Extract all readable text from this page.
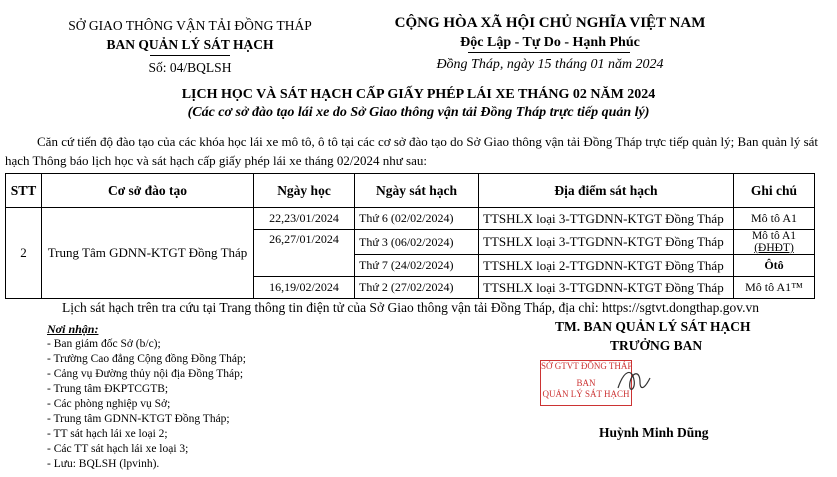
SỞ GIAO THÔNG VẬN TẢI ĐỒNG THÁP
BAN QUẢN LÝ SÁT HẠCH
Số: 04/BQLSH
CỘNG HÒA XÃ HỘI CHỦ NGHĨA VIỆT NAM
Độc Lập - Tự Do - Hạnh Phúc
Đồng Tháp, ngày 15 tháng 01 năm 2024
LỊCH HỌC VÀ SÁT HẠCH CẤP GIẤY PHÉP LÁI XE THÁNG 02 NĂM 2024
(Các cơ sở đào tạo lái xe do Sở Giao thông vận tải Đồng Tháp trực tiếp quản lý)
Căn cứ tiến độ đào tạo của các khóa học lái xe mô tô, ô tô tại các cơ sở đào tạo do Sở Giao thông vận tải Đồng Tháp trực tiếp quản lý; Ban quản lý sát hạch Thông báo lịch học và sát hạch cấp giấy phép lái xe tháng 02/2024 như sau:
STT	Cơ sở đào tạo	Ngày học	Ngày sát hạch	Địa điểm sát hạch	Ghi chú
2	Trung Tâm GDNN-KTGT Đồng Tháp	22,23/01/2024	Thứ 6 (02/02/2024)	TTSHLX loại 3-TTGDNN-KTGT Đồng Tháp	Mô tô A1
		26,27/01/2024	Thứ 3 (06/02/2024)	TTSHLX loại 3-TTGDNN-KTGT Đồng Tháp	Mô tô A1
(ĐHĐT)

			Thứ 7 (24/02/2024)	TTSHLX loại 2-TTGDNN-KTGT Đồng Tháp	Ôtô
		16,19/02/2024	Thứ 2 (27/02/2024)	TTSHLX loại 3-TTGDNN-KTGT Đồng Tháp	Mô tô A1™
Lịch sát hạch trên tra cứu tại Trang thông tin điện tử của Sở Giao thông vận tải Đồng Tháp, địa chỉ: https://sgtvt.dongthap.gov.vn
Nơi nhận:
- Ban giám đốc Sở (b/c);
- Trường Cao đẳng Cộng đồng Đồng Tháp;
- Cảng vụ Đường thủy nội địa Đồng Tháp;
- Trung tâm ĐKPTCGTB;
- Các phòng nghiệp vụ Sở;
- Trung tâm GDNN-KTGT Đồng Tháp;
- TT sát hạch lái xe loại 2;
- Các TT sát hạch lái xe loại 3;
- Lưu: BQLSH (lpvinh).
TM. BAN QUẢN LÝ SÁT HẠCH
TRƯỞNG BAN
SỞ GTVT ĐỒNG THÁP
BAN
QUẢN LÝ SÁT HẠCH
Huỳnh Minh Dũng
